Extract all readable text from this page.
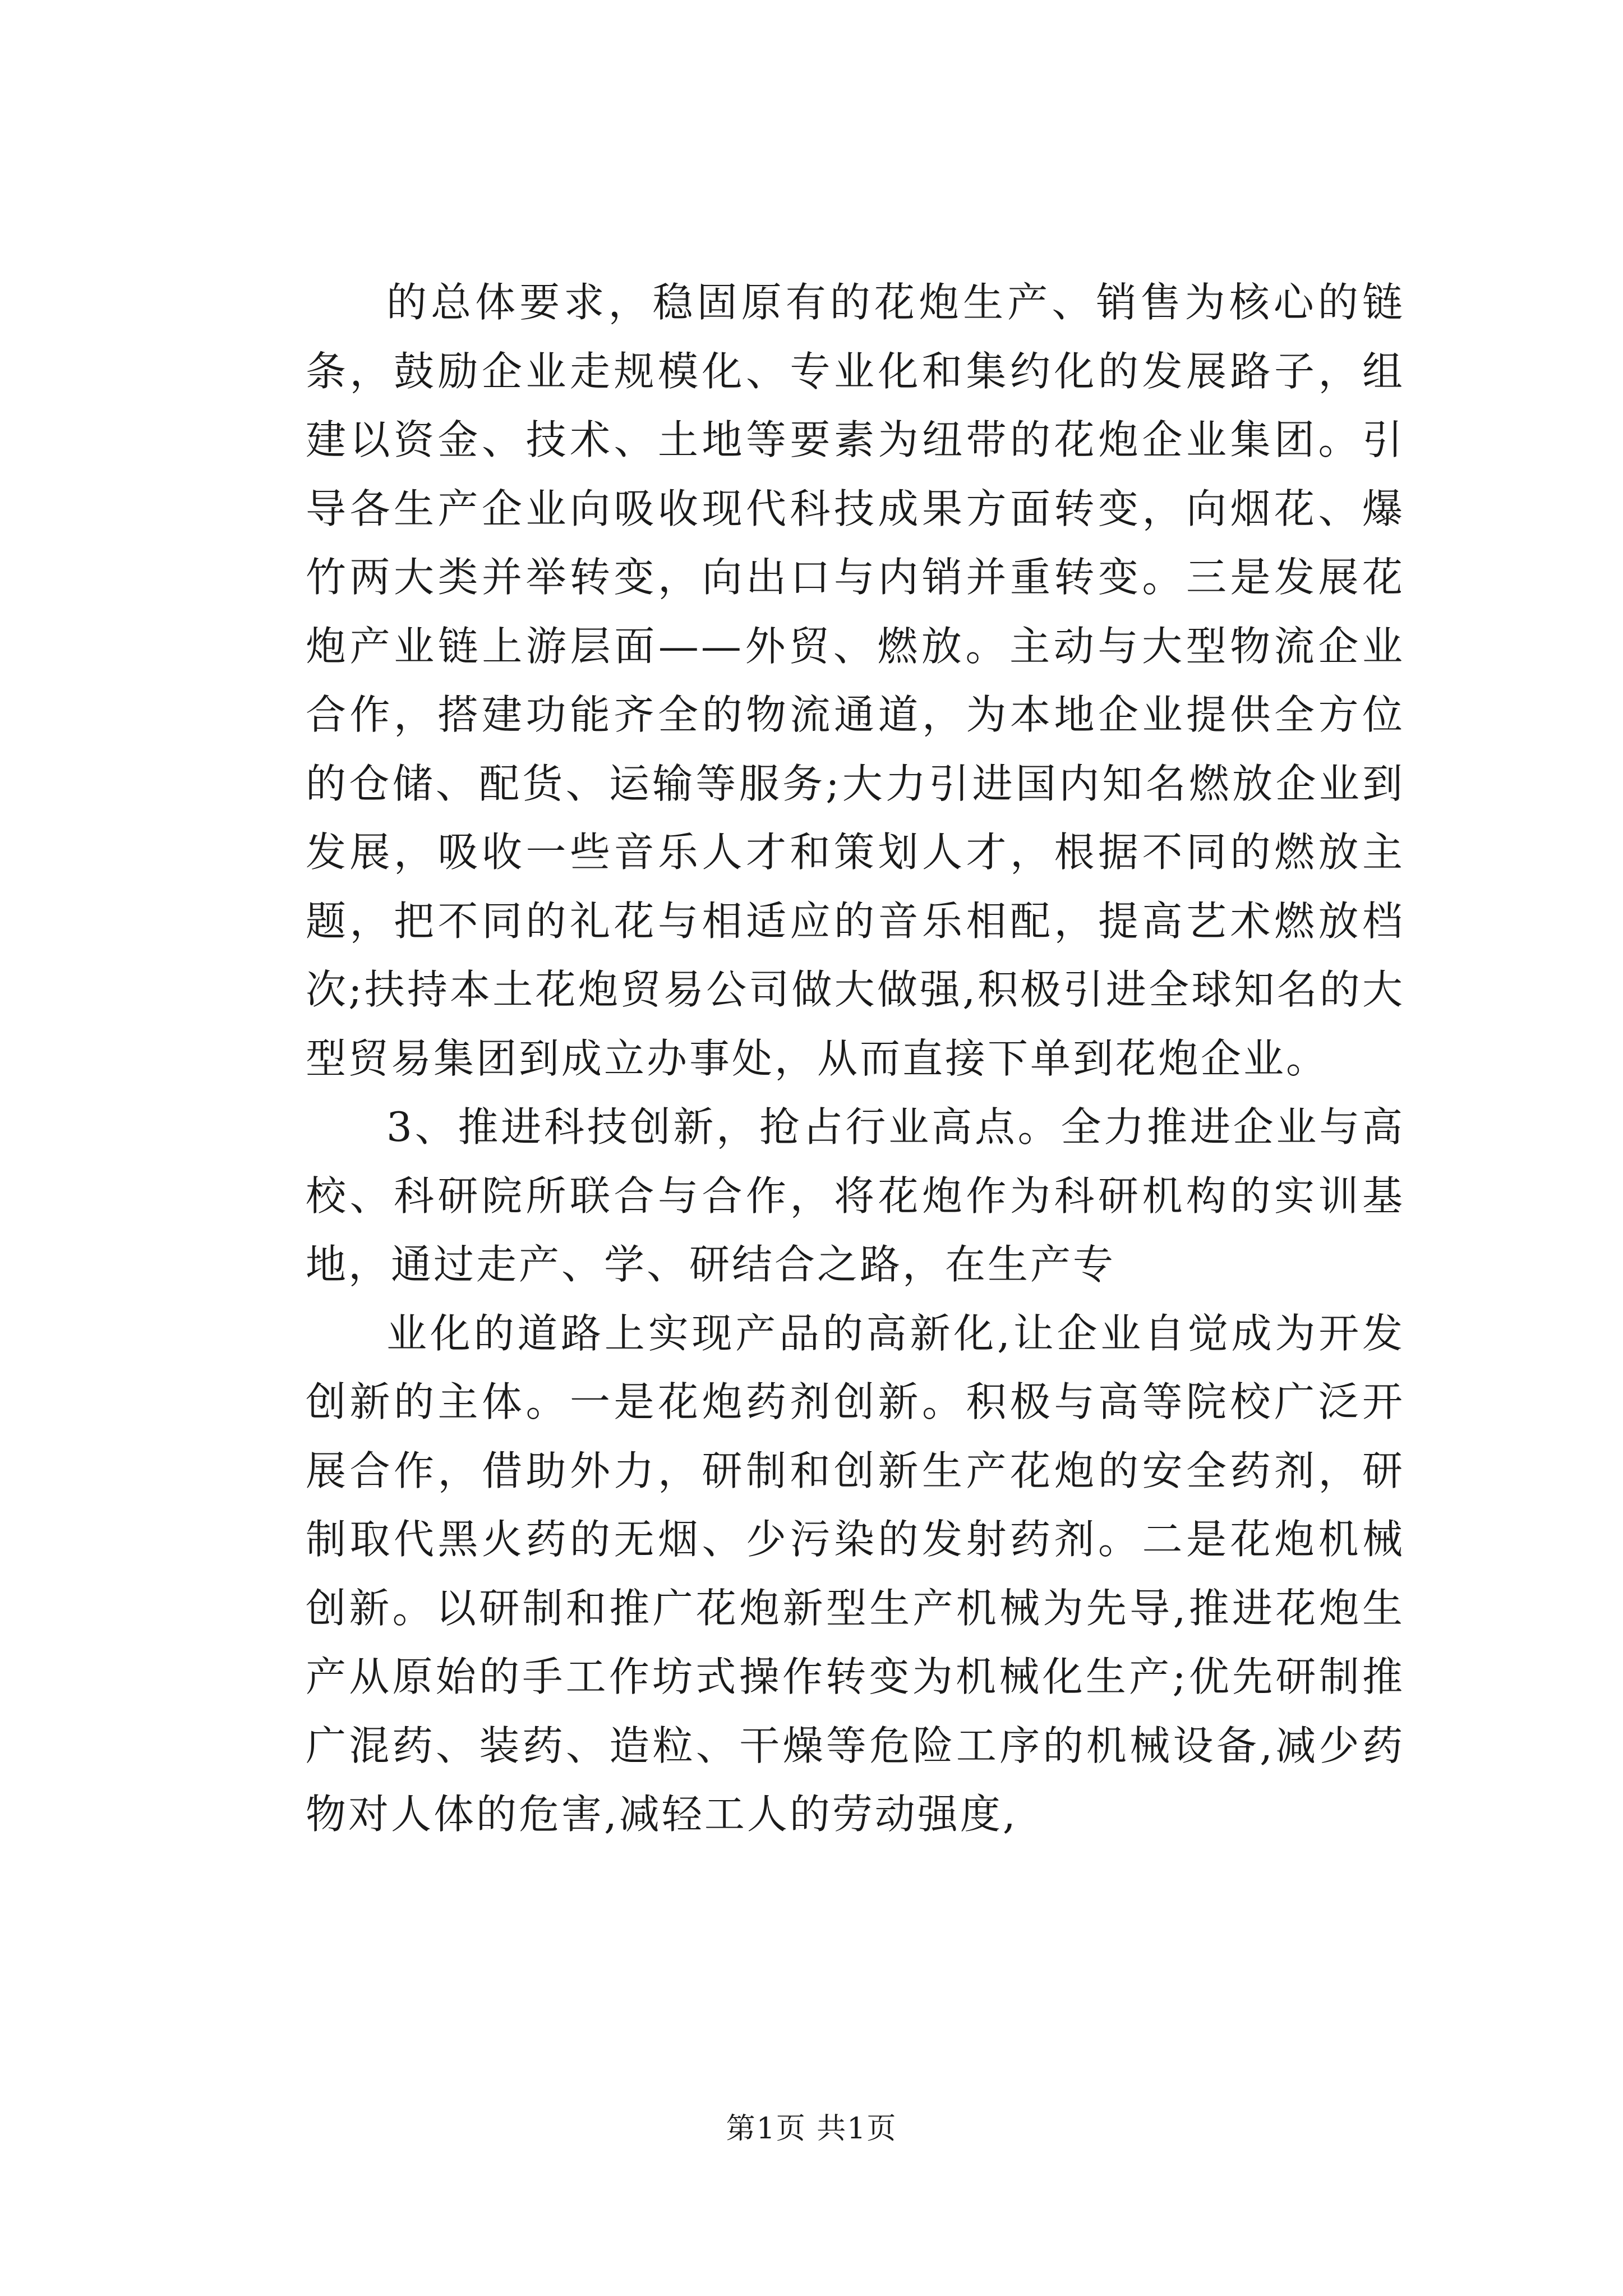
的总体要求，稳固原有的花炮生产、销售为核心的链条，鼓励企业走规模化、专业化和集约化的发展路子，组建以资金、技术、土地等要素为纽带的花炮企业集团。引导各生产企业向吸收现代科技成果方面转变，向烟花、爆竹两大类并举转变，向出口与内销并重转变。三是发展花炮产业链上游层面——外贸、燃放。主动与大型物流企业合作，搭建功能齐全的物流通道，为本地企业提供全方位的仓储、配货、运输等服务;大力引进国内知名燃放企业到发展，吸收一些音乐人才和策划人才，根据不同的燃放主题，把不同的礼花与相适应的音乐相配，提高艺术燃放档次;扶持本土花炮贸易公司做大做强,积极引进全球知名的大型贸易集团到成立办事处，从而直接下单到花炮企业。

3、推进科技创新，抢占行业高点。全力推进企业与高校、科研院所联合与合作，将花炮作为科研机构的实训基地，通过走产、学、研结合之路，在生产专

业化的道路上实现产品的高新化,让企业自觉成为开发创新的主体。一是花炮药剂创新。积极与高等院校广泛开展合作，借助外力，研制和创新生产花炮的安全药剂，研制取代黑火药的无烟、少污染的发射药剂。二是花炮机械创新。以研制和推广花炮新型生产机械为先导,推进花炮生产从原始的手工作坊式操作转变为机械化生产;优先研制推广混药、装药、造粒、干燥等危险工序的机械设备,减少药物对人体的危害,减轻工人的劳动强度,

第1页 共1页
